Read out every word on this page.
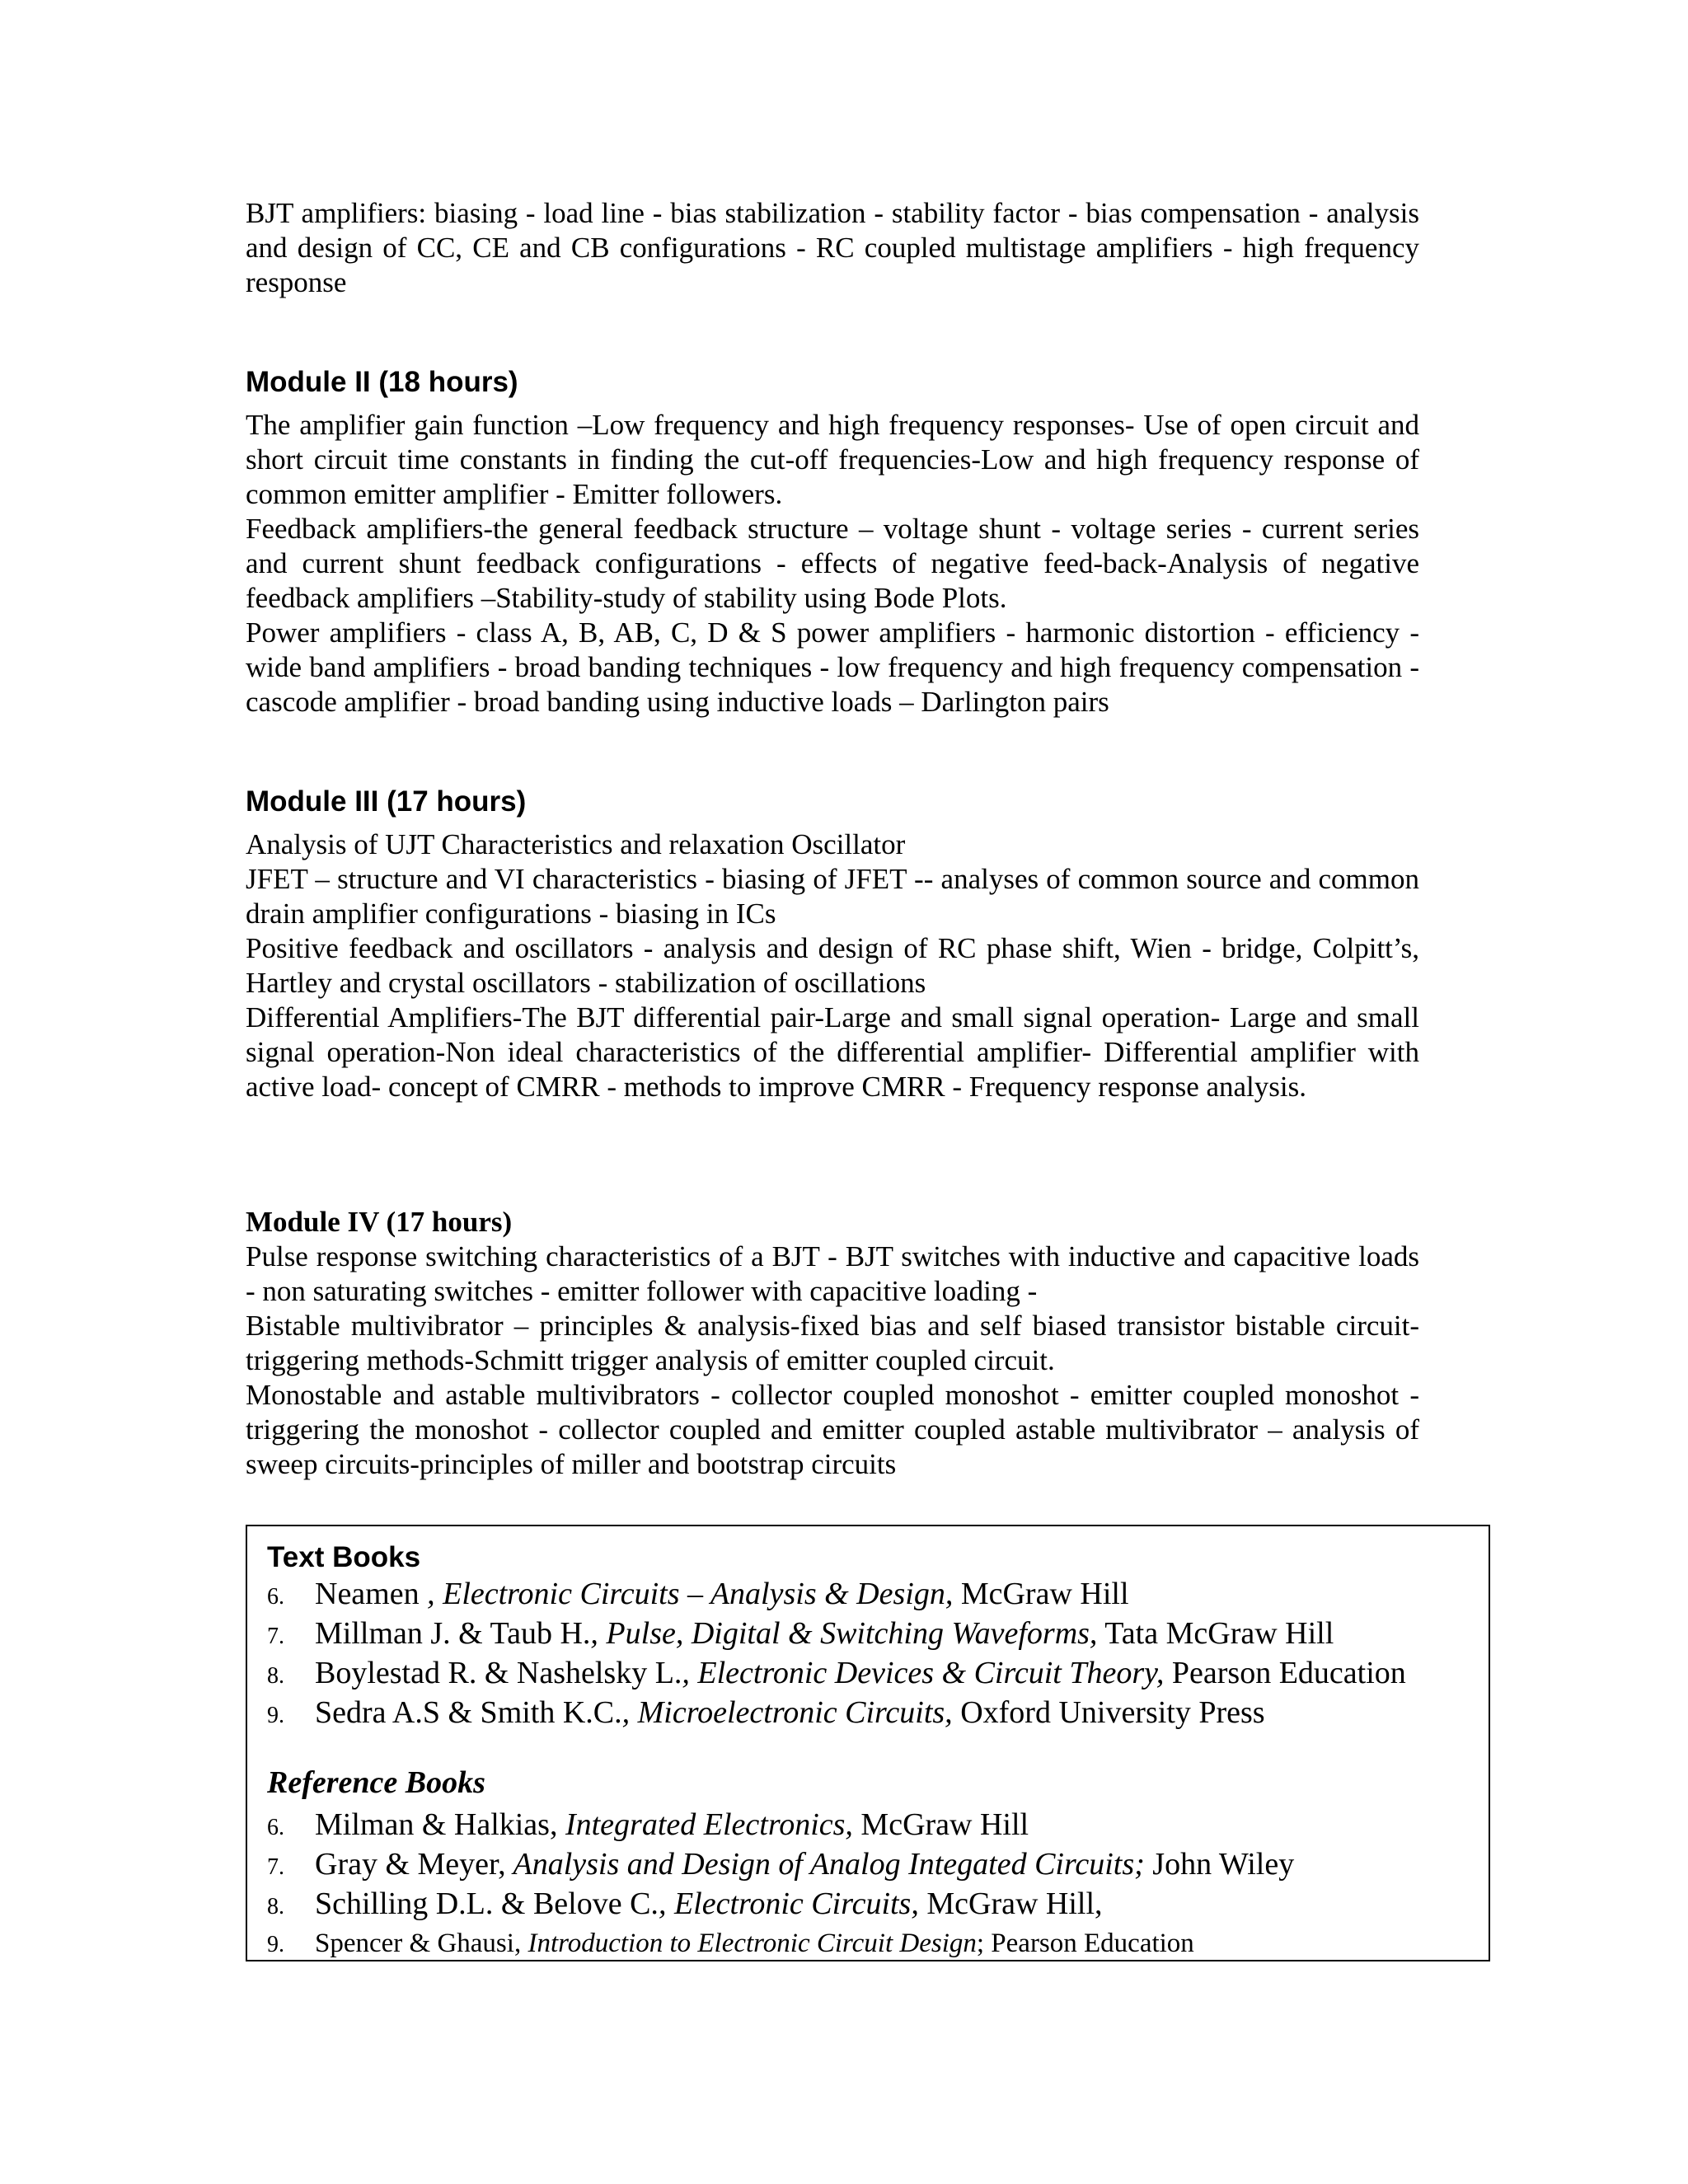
BJT amplifiers: biasing - load line - bias stabilization - stability factor - bias compensation - analysis and design of CC, CE and CB configurations - RC coupled multistage amplifiers - high frequency response

Module II (18 hours)

The amplifier gain function –Low frequency and high frequency responses- Use of open circuit and short circuit time constants in finding the cut-off frequencies-Low and high frequency response of common emitter amplifier - Emitter followers.

Feedback amplifiers-the general feedback structure – voltage shunt - voltage series - current series and current shunt feedback configurations - effects of negative feed-back-Analysis of negative feedback amplifiers –Stability-study of stability using Bode Plots.

Power amplifiers - class A, B, AB, C, D & S power amplifiers - harmonic distortion - efficiency - wide band amplifiers - broad banding techniques - low frequency and high frequency compensation - cascode amplifier - broad banding using inductive loads – Darlington pairs

Module III (17 hours)

Analysis of UJT Characteristics and relaxation Oscillator

JFET – structure and VI characteristics - biasing of JFET -- analyses of common source and common drain amplifier configurations - biasing in ICs

Positive feedback and oscillators - analysis and design of RC phase shift, Wien - bridge, Colpitt’s, Hartley and crystal oscillators - stabilization of oscillations

Differential Amplifiers-The BJT differential pair-Large and small signal operation- Large and small signal operation-Non ideal characteristics of the differential amplifier- Differential amplifier with active load- concept of CMRR - methods to improve CMRR - Frequency response analysis.

Module IV (17 hours)

Pulse response switching characteristics of a BJT - BJT switches with inductive and capacitive loads - non saturating switches - emitter follower with capacitive loading -

Bistable multivibrator – principles & analysis-fixed bias and self biased transistor bistable circuit-triggering methods-Schmitt trigger analysis of emitter coupled circuit.

Monostable and astable multivibrators - collector coupled monoshot - emitter coupled monoshot - triggering the monoshot - collector coupled and emitter coupled astable multivibrator – analysis of sweep circuits-principles of miller and bootstrap circuits

Text Books
6. Neamen , Electronic Circuits – Analysis & Design, McGraw Hill
7. Millman J. & Taub H. , Pulse, Digital & Switching Waveforms, Tata McGraw Hill
8. Boylestad R. & Nashelsky L. , Electronic Devices & Circuit Theory, Pearson Education
9. Sedra A.S & Smith K.C. , Microelectronic Circuits, Oxford University Press
Reference Books
6. Milman & Halkias, Integrated Electronics, McGraw Hill
7. Gray & Meyer, Analysis and Design of Analog Integated Circuits; John Wiley
8. Schilling D.L. & Belove C. , Electronic Circuits, McGraw Hill,
9.	Spencer & Ghausi, Introduction to Electronic Circuit Design ; Pearson Education
